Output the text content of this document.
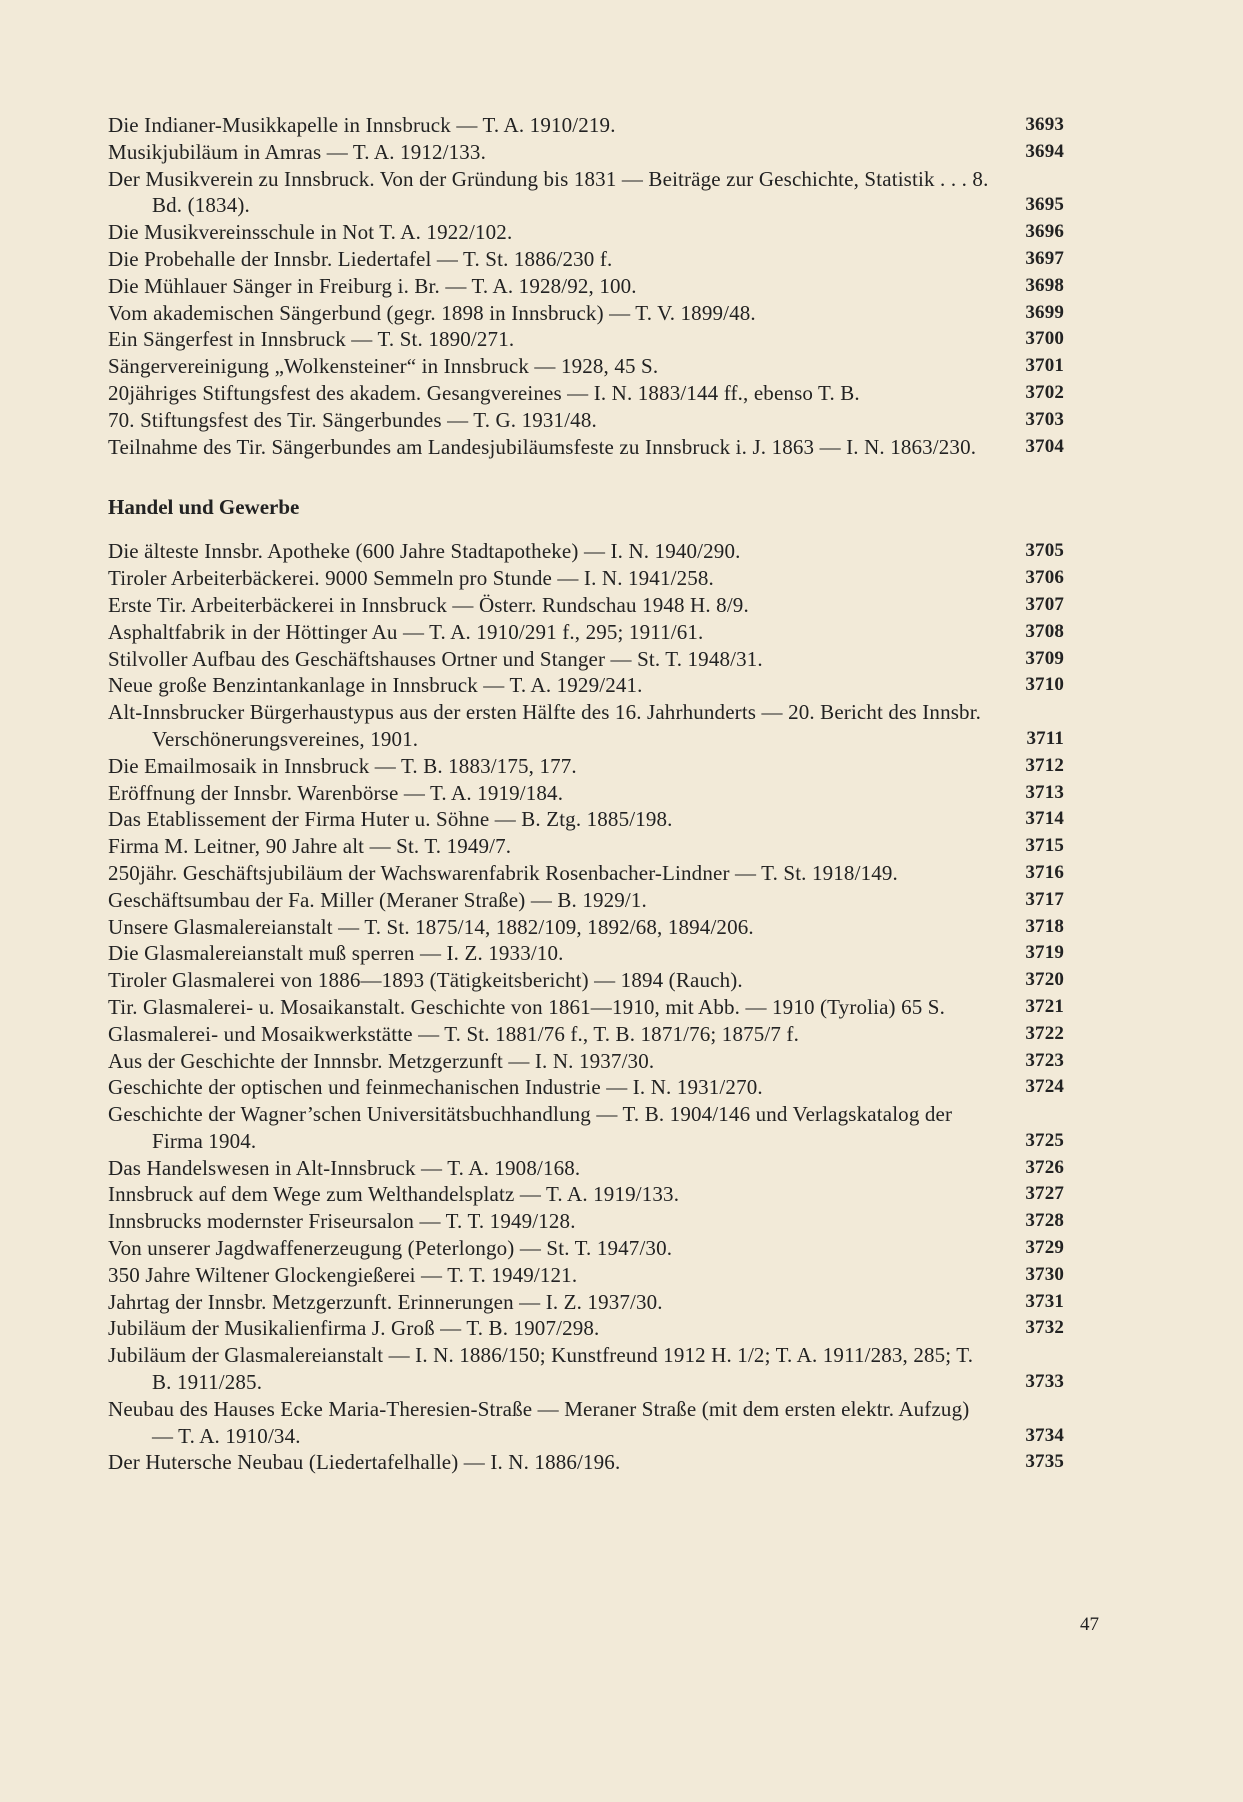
Die Indianer-Musikkapelle in Innsbruck — T. A. 1910/219.	3693
Musikjubiläum in Amras — T. A. 1912/133.	3694
Der Musikverein zu Innsbruck. Von der Gründung bis 1831 — Beiträge zur Geschichte, Statistik . . . 8. Bd. (1834).	3695
Die Musikvereinsschule in Not T. A. 1922/102.	3696
Die Probehalle der Innsbr. Liedertafel — T. St. 1886/230 f.	3697
Die Mühlauer Sänger in Freiburg i. Br. — T. A. 1928/92, 100.	3698
Vom akademischen Sängerbund (gegr. 1898 in Innsbruck) — T. V. 1899/48.	3699
Ein Sängerfest in Innsbruck — T. St. 1890/271.	3700
Sängervereinigung „Wolkensteiner“ in Innsbruck — 1928, 45 S.	3701
20jähriges Stiftungsfest des akadem. Gesangvereines — I. N. 1883/144 ff., ebenso T. B.	3702
70. Stiftungsfest des Tir. Sängerbundes — T. G. 1931/48.	3703
Teilnahme des Tir. Sängerbundes am Landesjubiläumsfeste zu Innsbruck i. J. 1863 — I. N. 1863/230.	3704
Handel und Gewerbe
Die älteste Innsbr. Apotheke (600 Jahre Stadtapotheke) — I. N. 1940/290.	3705
Tiroler Arbeiterbäckerei. 9000 Semmeln pro Stunde — I. N. 1941/258.	3706
Erste Tir. Arbeiterbäckerei in Innsbruck — Österr. Rundschau 1948 H. 8/9.	3707
Asphaltfabrik in der Höttinger Au — T. A. 1910/291 f., 295; 1911/61.	3708
Stilvoller Aufbau des Geschäftshauses Ortner und Stanger — St. T. 1948/31.	3709
Neue große Benzintankanlage in Innsbruck — T. A. 1929/241.	3710
Alt-Innsbrucker Bürgerhaustypus aus der ersten Hälfte des 16. Jahrhunderts — 20. Bericht des Innsbr. Verschönerungsvereines, 1901.	3711
Die Emailmosaik in Innsbruck — T. B. 1883/175, 177.	3712
Eröffnung der Innsbr. Warenbörse — T. A. 1919/184.	3713
Das Etablissement der Firma Huter u. Söhne — B. Ztg. 1885/198.	3714
Firma M. Leitner, 90 Jahre alt — St. T. 1949/7.	3715
250jähr. Geschäftsjubiläum der Wachswarenfabrik Rosenbacher-Lindner — T. St. 1918/149.	3716
Geschäftsumbau der Fa. Miller (Meraner Straße) — B. 1929/1.	3717
Unsere Glasmalereianstalt — T. St. 1875/14, 1882/109, 1892/68, 1894/206.	3718
Die Glasmalereianstalt muß sperren — I. Z. 1933/10.	3719
Tiroler Glasmalerei von 1886—1893 (Tätigkeitsbericht) — 1894 (Rauch).	3720
Tir. Glasmalerei- u. Mosaikanstalt. Geschichte von 1861—1910, mit Abb. — 1910 (Tyrolia) 65 S.	3721
Glasmalerei- und Mosaikwerkstätte — T. St. 1881/76 f., T. B. 1871/76; 1875/7 f.	3722
Aus der Geschichte der Innnsbr. Metzgerzunft — I. N. 1937/30.	3723
Geschichte der optischen und feinmechanischen Industrie — I. N. 1931/270.	3724
Geschichte der Wagner’schen Universitätsbuchhandlung — T. B. 1904/146 und Verlagskatalog der Firma 1904.	3725
Das Handelswesen in Alt-Innsbruck — T. A. 1908/168.	3726
Innsbruck auf dem Wege zum Welthandelsplatz — T. A. 1919/133.	3727
Innsbrucks modernster Friseursalon — T. T. 1949/128.	3728
Von unserer Jagdwaffenerzeugung (Peterlongo) — St. T. 1947/30.	3729
350 Jahre Wiltener Glockengießerei — T. T. 1949/121.	3730
Jahrtag der Innsbr. Metzgerzunft. Erinnerungen — I. Z. 1937/30.	3731
Jubiläum der Musikalienfirma J. Groß — T. B. 1907/298.	3732
Jubiläum der Glasmalereianstalt — I. N. 1886/150; Kunstfreund 1912 H. 1/2; T. A. 1911/283, 285; T. B. 1911/285.	3733
Neubau des Hauses Ecke Maria-Theresien-Straße — Meraner Straße (mit dem ersten elektr. Aufzug) — T. A. 1910/34.	3734
Der Hutersche Neubau (Liedertafelhalle) — I. N. 1886/196.	3735
47
